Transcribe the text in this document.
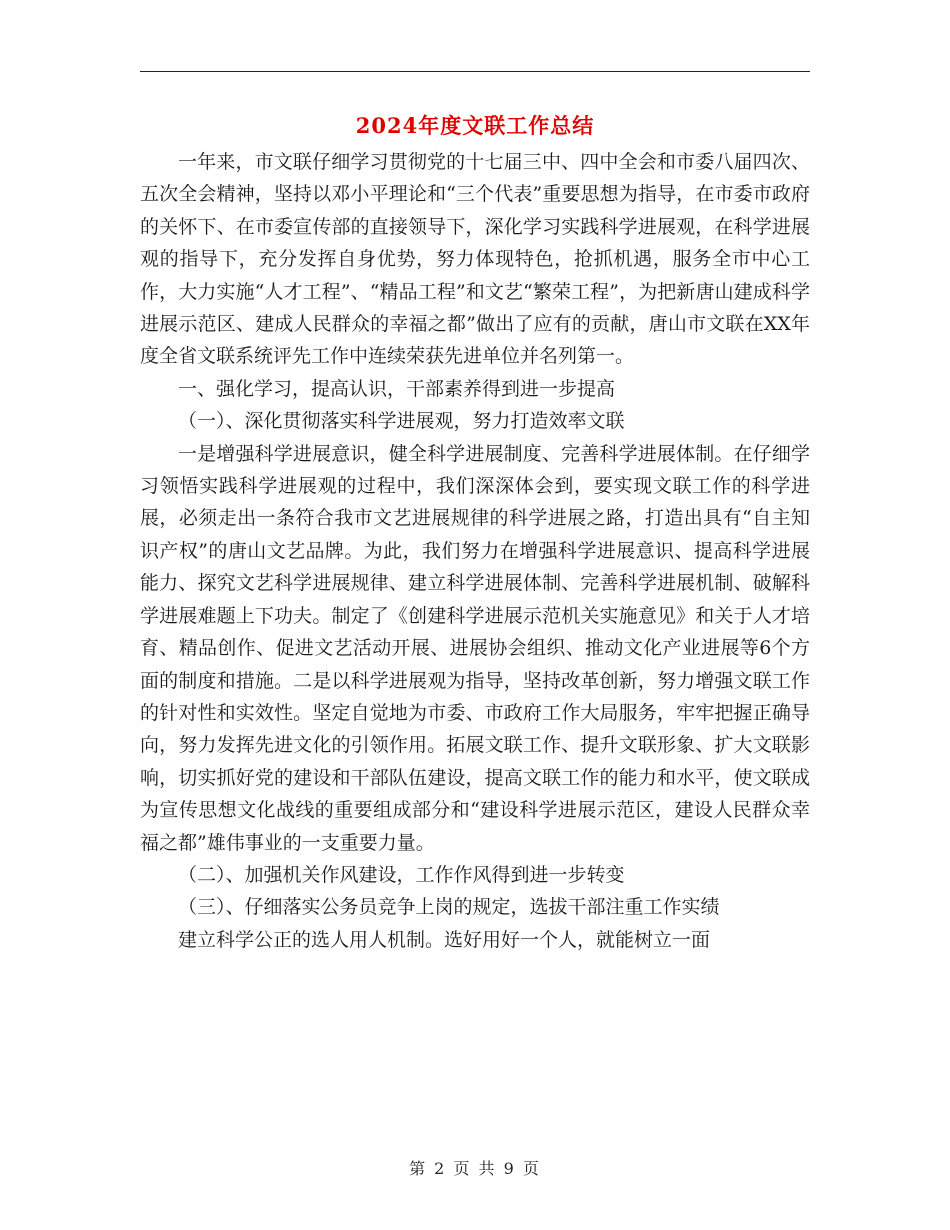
2024年度文联工作总结

一年来，市文联仔细学习贯彻党的十七届三中、四中全会和市委八届四次、五次全会精神，坚持以邓小平理论和“三个代表”重要思想为指导，在市委市政府的关怀下、在市委宣传部的直接领导下，深化学习实践科学进展观，在科学进展观的指导下，充分发挥自身优势，努力体现特色，抢抓机遇，服务全市中心工作，大力实施“人才工程”、“精品工程”和文艺“繁荣工程”，为把新唐山建成科学进展示范区、建成人民群众的幸福之都”做出了应有的贡献，唐山市文联在XX年度全省文联系统评先工作中连续荣获先进单位并名列第一。

一、强化学习，提高认识，干部素养得到进一步提高

（一）、深化贯彻落实科学进展观，努力打造效率文联

一是增强科学进展意识，健全科学进展制度、完善科学进展体制。在仔细学习领悟实践科学进展观的过程中，我们深深体会到，要实现文联工作的科学进展，必须走出一条符合我市文艺进展规律的科学进展之路，打造出具有“自主知识产权”的唐山文艺品牌。为此，我们努力在增强科学进展意识、提高科学进展能力、探究文艺科学进展规律、建立科学进展体制、完善科学进展机制、破解科学进展难题上下功夫。制定了《创建科学进展示范机关实施意见》和关于人才培育、精品创作、促进文艺活动开展、进展协会组织、推动文化产业进展等6个方面的制度和措施。二是以科学进展观为指导，坚持改革创新，努力增强文联工作的针对性和实效性。坚定自觉地为市委、市政府工作大局服务，牢牢把握正确导向，努力发挥先进文化的引领作用。拓展文联工作、提升文联形象、扩大文联影响，切实抓好党的建设和干部队伍建设，提高文联工作的能力和水平，使文联成为宣传思想文化战线的重要组成部分和“建设科学进展示范区，建设人民群众幸福之都”雄伟事业的一支重要力量。

（二）、加强机关作风建设，工作作风得到进一步转变

（三）、仔细落实公务员竞争上岗的规定，选拔干部注重工作实绩

建立科学公正的选人用人机制。选好用好一个人，就能树立一面

第 2 页 共 9 页
